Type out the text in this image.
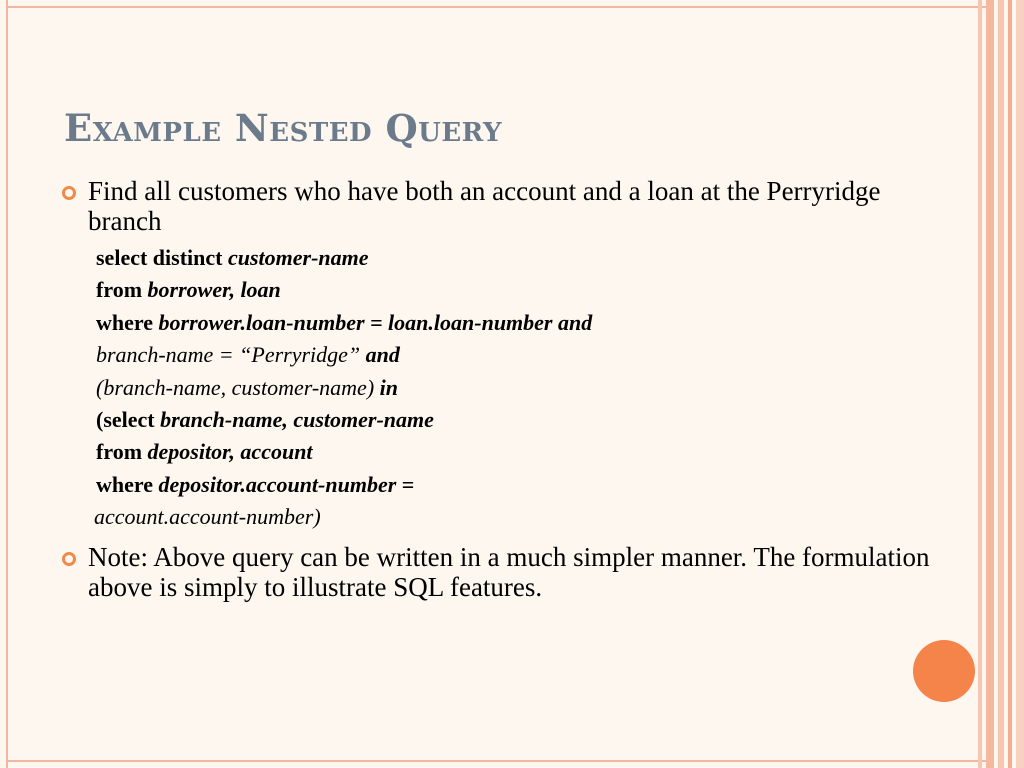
Example Nested Query
Find all customers who have both an account and a loan at the Perryridge branch
select distinct customer-name
from borrower, loan
where borrower.loan-number = loan.loan-number and
branch-name = “Perryridge” and
(branch-name, customer-name) in
(select branch-name, customer-name
from depositor, account
where depositor.account-number =
account.account-number)
Note: Above query can be written in a much simpler manner. The formulation above is simply to illustrate SQL features.
